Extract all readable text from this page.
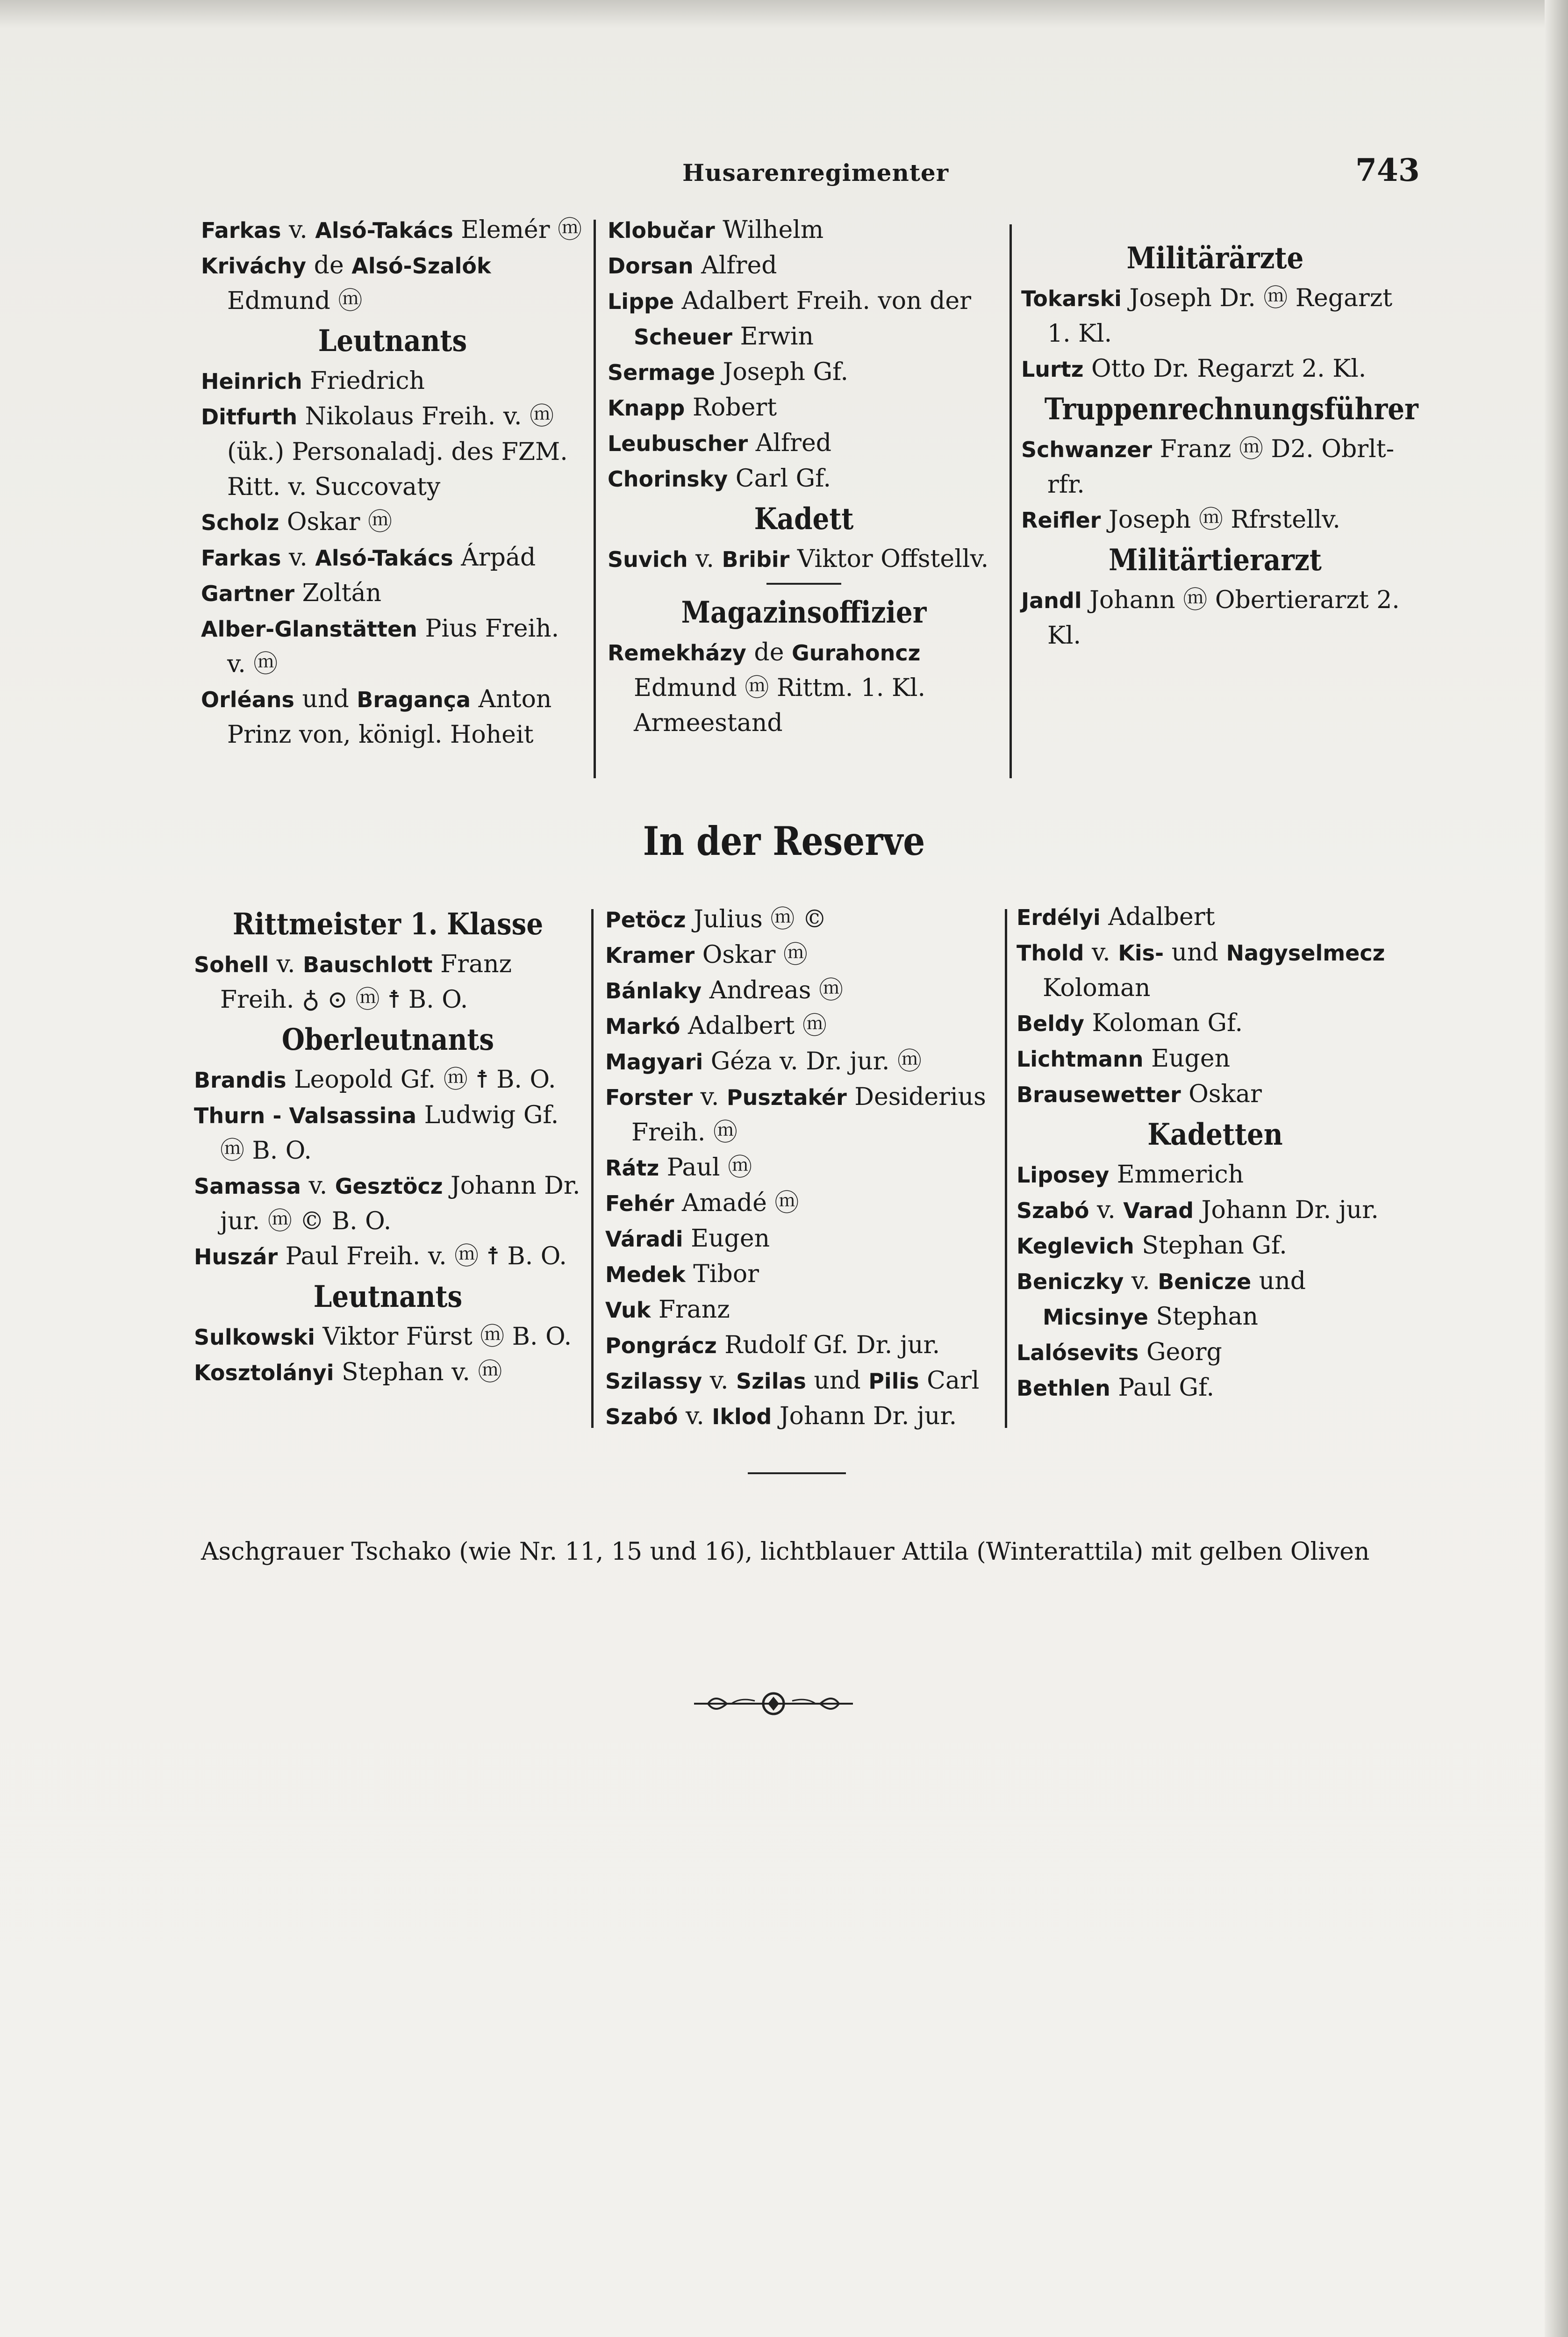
Husarenregimenter	743
Farkas v. Alsó-Takács Elemér ⓜ
Kriváchy de Alsó-Szalók Edmund ⓜ
Leutnants
Heinrich Friedrich
Ditfurth Nikolaus Freih. v. ⓜ (ük.) Personaladj. des FZM. Ritt. v. Succovaty
Scholz Oskar ⓜ
Farkas v. Alsó-Takács Árpád
Gartner Zoltán
Alber-Glanstätten Pius Freih. v. ⓜ
Orléans und Bragança Anton Prinz von, königl. Hoheit
Klobučar Wilhelm
Dorsan Alfred
Lippe Adalbert Freih. von der Scheuer Erwin
Sermage Joseph Gf.
Knapp Robert
Leubuscher Alfred
Chorinsky Carl Gf.
Kadett
Suvich v. Bribir Viktor Offstellv.
Magazinsoffizier
Remekházy de Gurahoncz Edmund ⓜ Rittm. 1. Kl. Armeestand
Militärärzte
Tokarski Joseph Dr. ⓜ Regarzt 1. Kl.
Lurtz Otto Dr. Regarzt 2. Kl.
Truppenrechnungsführer
Schwanzer Franz ⓜ D2. Obrlt-rfr.
Reifler Joseph ⓜ Rfrstellv.
Militärtierarzt
Jandl Johann ⓜ Obertierarzt 2. Kl.
In der Reserve
Rittmeister 1. Klasse
Sohell v. Bauschlott Franz Freih. ♁ ⊙ ⓜ ☨ B. O.
Oberleutnants
Brandis Leopold Gf. ⓜ ☨ B. O.
Thurn - Valsassina Ludwig Gf. ⓜ B. O.
Samassa v. Gesztöcz Johann Dr. jur. ⓜ © B. O.
Huszár Paul Freih. v. ⓜ ☨ B. O.
Leutnants
Sulkowski Viktor Fürst ⓜ B. O.
Kosztolányi Stephan v. ⓜ
Petöcz Julius ⓜ ©
Kramer Oskar ⓜ
Bánlaky Andreas ⓜ
Markó Adalbert ⓜ
Magyari Géza v. Dr. jur. ⓜ
Forster v. Pusztakér Desiderius Freih. ⓜ
Rátz Paul ⓜ
Fehér Amadé ⓜ
Váradi Eugen
Medek Tibor
Vuk Franz
Pongrácz Rudolf Gf. Dr. jur.
Szilassy v. Szilas und Pilis Carl
Szabó v. Iklod Johann Dr. jur.
Erdélyi Adalbert
Thold v. Kis- und Nagyselmecz Koloman
Beldy Koloman Gf.
Lichtmann Eugen
Brausewetter Oskar
Kadetten
Liposey Emmerich
Szabó v. Varad Johann Dr. jur.
Keglevich Stephan Gf.
Beniczky v. Benicze und Micsinye Stephan
Lalósevits Georg
Bethlen Paul Gf.
Aschgrauer Tschako (wie Nr. 11, 15 und 16), lichtblauer Attila (Winterattila) mit gelben Oliven
